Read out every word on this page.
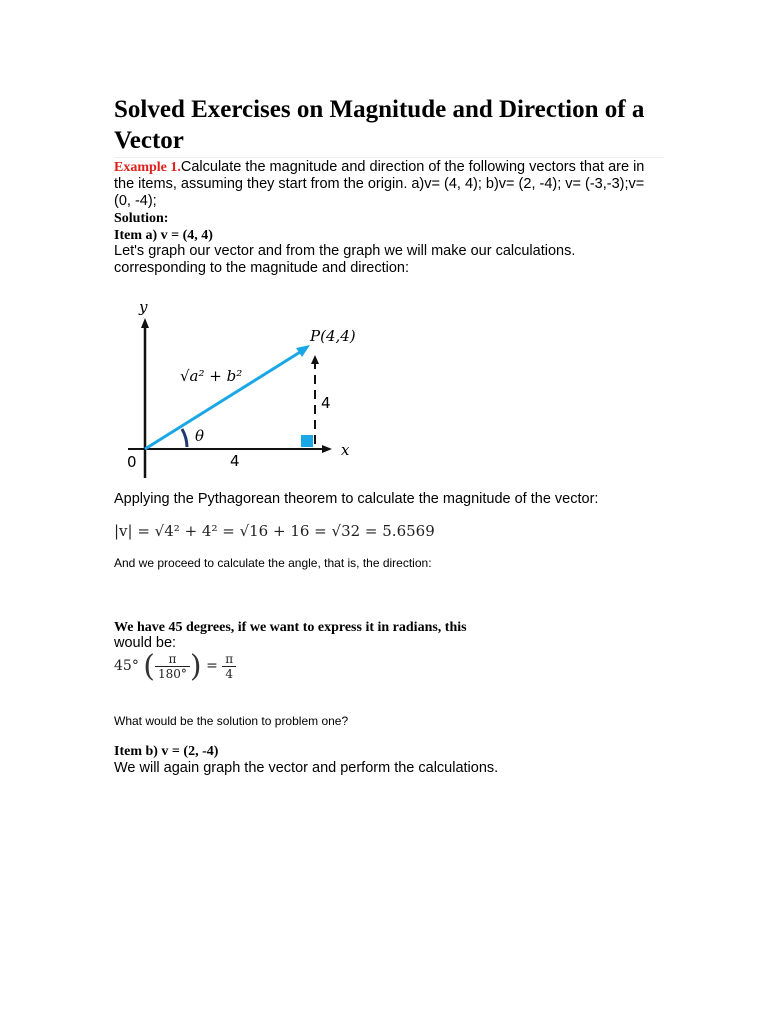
Solved Exercises on Magnitude and Direction of a Vector

Example 1.Calculate the magnitude and direction of the following vectors that are in the items, assuming they start from the origin. a)v= (4, 4); b)v= (2, -4); v= (-3,-3);v= (0, -4);

Solution:

Item a) v = (4, 4)

Let's graph our vector and from the graph we will make our calculations. corresponding to the magnitude and direction:

y
x
0
P(4,4)
√a² + b²
θ
4
4

Applying the Pythagorean theorem to calculate the magnitude of the vector:

|v| = √4² + 4² = √16 + 16 = √32 = 5.6569

And we proceed to calculate the angle, that is, the direction:

We have 45 degrees, if we want to express it in radians, this

would be:

45° ( $\frac{\pi}{180^\circ}$ ) = $\frac{\pi}{4}$

What would be the solution to problem one?

Item b) v = (2, -4)

We will again graph the vector and perform the calculations.
